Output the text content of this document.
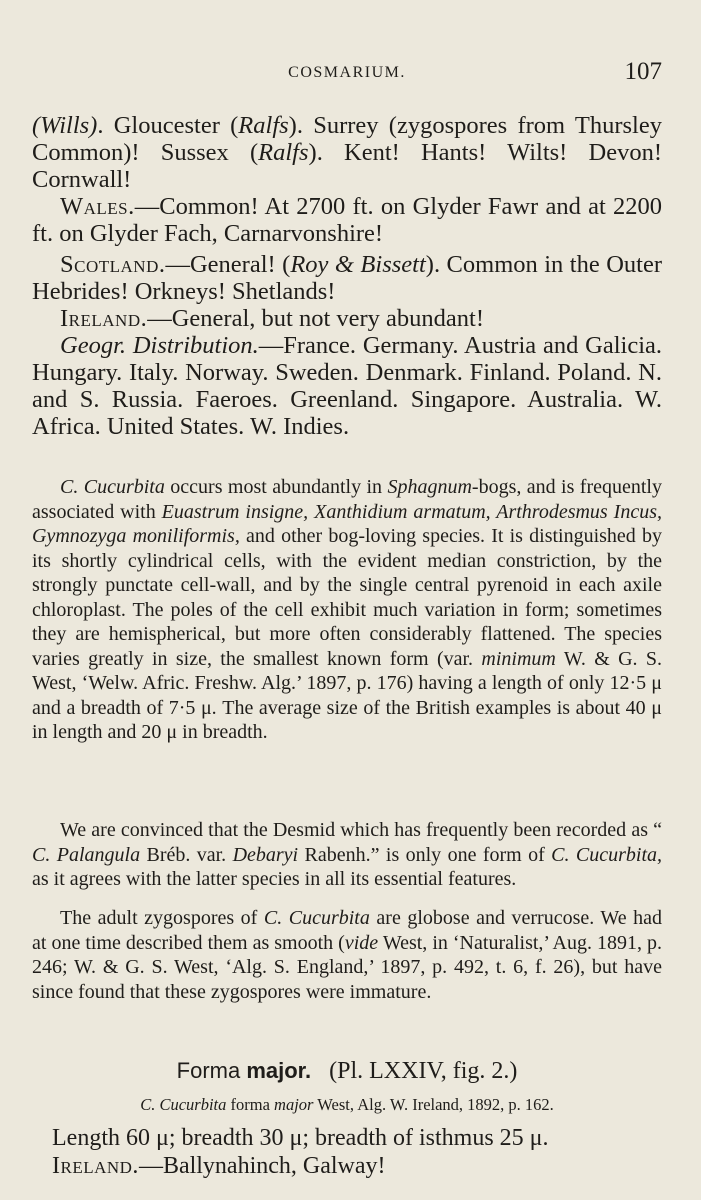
COSMARIUM.	107

(Wills). Gloucester (Ralfs). Surrey (zygospores from Thursley Common)! Sussex (Ralfs). Kent! Hants! Wilts! Devon! Cornwall!

Wales.—Common! At 2700 ft. on Glyder Fawr and at 2200 ft. on Glyder Fach, Carnarvonshire!

Scotland.—General! (Roy & Bissett). Common in the Outer Hebrides! Orkneys! Shetlands!

Ireland.—General, but not very abundant!

Geogr. Distribution.—France. Germany. Austria and Galicia. Hungary. Italy. Norway. Sweden. Denmark. Finland. Poland. N. and S. Russia. Faeroes. Greenland. Singapore. Australia. W. Africa. United States. W. Indies.

C. Cucurbita occurs most abundantly in Sphagnum-bogs, and is frequently associated with Euastrum insigne, Xanthidium armatum, Arthrodesmus Incus, Gymnozyga moniliformis, and other bog-loving species. It is distinguished by its shortly cylindrical cells, with the evident median constriction, by the strongly punctate cell-wall, and by the single central pyrenoid in each axile chloroplast. The poles of the cell exhibit much variation in form; sometimes they are hemispherical, but more often considerably flattened. The species varies greatly in size, the smallest known form (var. minimum W. & G. S. West, ‘Welw. Afric. Freshw. Alg.’ 1897, p. 176) having a length of only 12·5 μ and a breadth of 7·5 μ. The average size of the British examples is about 40 μ in length and 20 μ in breadth.

We are convinced that the Desmid which has frequently been recorded as “ C. Palangula Bréb. var. Debaryi Rabenh.” is only one form of C. Cucurbita, as it agrees with the latter species in all its essential features.

The adult zygospores of C. Cucurbita are globose and verrucose. We had at one time described them as smooth (vide West, in ‘Naturalist,’ Aug. 1891, p. 246; W. & G. S. West, ‘Alg. S. England,’ 1897, p. 492, t. 6, f. 26), but have since found that these zygospores were immature.

Forma major. (Pl. LXXIV, fig. 2.)
C. Cucurbita forma major West, Alg. W. Ireland, 1892, p. 162.

Length 60 μ; breadth 30 μ; breadth of isthmus 25 μ.

Ireland.—Ballynahinch, Galway!
